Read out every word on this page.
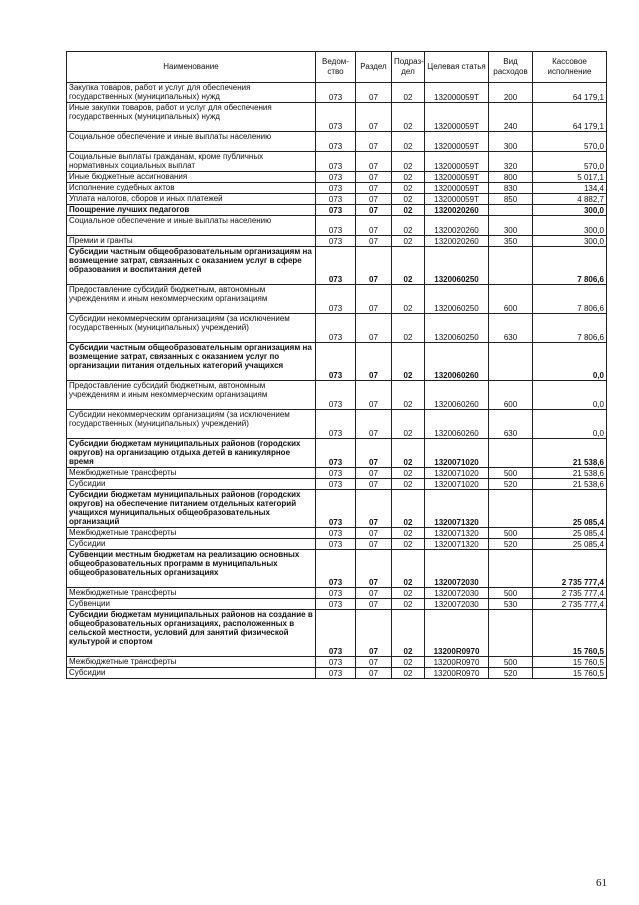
Наименование	Ведом- ство	Раздел	Подраз- дел	Целевая статья	Вид расходов	Кассовое исполнение
Закупка товаров, работ и услуг для обеспечения государственных (муниципальных) нужд	073	07	02	132000059Т	200	64 179,1
Иные закупки товаров, работ и услуг для обеспечения государственных (муниципальных) нужд	073	07	02	132000059Т	240	64 179,1
Социальное обеспечение и иные выплаты населению	073	07	02	132000059Т	300	570,0
Социальные выплаты гражданам, кроме публичных нормативных социальных выплат	073	07	02	132000059Т	320	570,0
Иные бюджетные ассигнования	073	07	02	132000059Т	800	5 017,1
Исполнение судебных актов	073	07	02	132000059Т	830	134,4
Уплата налогов, сборов и иных платежей	073	07	02	132000059Т	850	4 882,7
Поощрение лучших педагогов	073	07	02	1320020260		300,0
Социальное обеспечение и иные выплаты населению	073	07	02	1320020260	300	300,0
Премии и гранты	073	07	02	1320020260	350	300,0
Субсидии частным общеобразовательным организациям на возмещение затрат, связанных с оказанием услуг в сфере образования и воспитания детей	073	07	02	1320060250		7 806,6
Предоставление субсидий бюджетным, автономным учреждениям и иным некоммерческим организациям	073	07	02	1320060250	600	7 806,6
Субсидии некоммерческим организациям (за исключением государственных (муниципальных) учреждений)	073	07	02	1320060250	630	7 806,6
Субсидии частным общеобразовательным организациям на возмещение затрат, связанных с оказанием услуг по организации питания отдельных категорий учащихся	073	07	02	1320060260		0,0
Предоставление субсидий бюджетным, автономным учреждениям и иным некоммерческим организациям	073	07	02	1320060260	600	0,0
Субсидии некоммерческим организациям (за исключением государственных (муниципальных) учреждений)	073	07	02	1320060260	630	0,0
Субсидии бюджетам муниципальных районов (городских округов) на организацию отдыха детей в каникулярное время	073	07	02	1320071020		21 538,6
Межбюджетные трансферты	073	07	02	1320071020	500	21 538,6
Субсидии	073	07	02	1320071020	520	21 538,6
Субсидии бюджетам муниципальных районов (городских округов) на обеспечение питанием отдельных категорий учащихся муниципальных общеобразовательных организаций	073	07	02	1320071320		25 085,4
Межбюджетные трансферты	073	07	02	1320071320	500	25 085,4
Субсидии	073	07	02	1320071320	520	25 085,4
Субвенции местным бюджетам на реализацию основных общеобразовательных программ в муниципальных общеобразовательных организациях	073	07	02	1320072030		2 735 777,4
Межбюджетные трансферты	073	07	02	1320072030	500	2 735 777,4
Субвенции	073	07	02	1320072030	530	2 735 777,4
Субсидии бюджетам муниципальных районов на создание в общеобразовательных организациях, расположенных в сельской местности, условий для занятий физической культурой и спортом	073	07	02	13200R0970		15 760,5
Межбюджетные трансферты	073	07	02	13200R0970	500	15 760,5
Субсидии	073	07	02	13200R0970	520	15 760,5
61
